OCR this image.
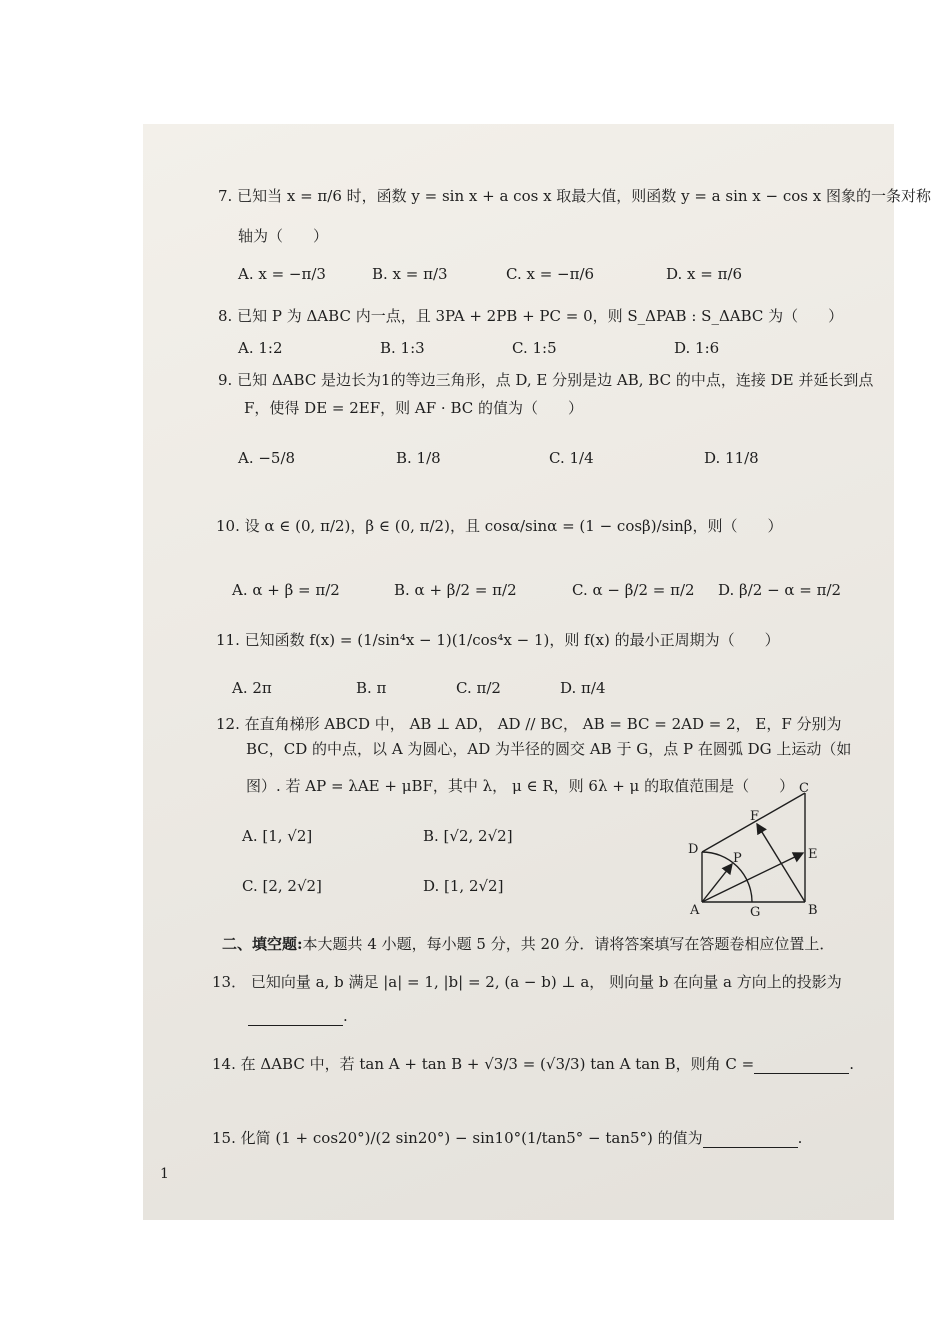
7. 已知当 x = π/6 时，函数 y = sin x + a cos x 取最大值，则函数 y = a sin x − cos x 图象的一条对称
轴为（　　）
A. x = −π/3	B. x = π/3	C. x = −π/6	D. x = π/6
8. 已知 P 为 ΔABC 内一点，且 3PA + 2PB + PC = 0，则 S_ΔPAB : S_ΔABC 为（　　）
A. 1:2	B. 1:3	C. 1:5	D. 1:6
9. 已知 ΔABC 是边长为1的等边三角形，点 D, E 分别是边 AB, BC 的中点，连接 DE 并延长到点
F，使得 DE = 2EF，则 AF · BC 的值为（　　）
A. −5/8	B. 1/8	C. 1/4	D. 11/8
10. 设 α ∈ (0, π/2)，β ∈ (0, π/2)，且 cosα/sinα = (1 − cosβ)/sinβ，则（　　）
A. α + β = π/2	B. α + β/2 = π/2	C. α − β/2 = π/2 D. β/2 − α = π/2
11. 已知函数 f(x) = (1/sin⁴x − 1)(1/cos⁴x − 1)，则 f(x) 的最小正周期为（　　）
A. 2π	B. π	C. π/2	D. π/4
12. 在直角梯形 ABCD 中， AB ⊥ AD， AD // BC， AB = BC = 2AD = 2， E，F 分别为
BC，CD 的中点，以 A 为圆心，AD 为半径的圆交 AB 于 G，点 P 在圆弧 DG 上运动（如
图）. 若 AP = λAE + μBF，其中 λ， μ ∈ R，则 6λ + μ 的取值范围是（　　）
A. [1, √2]	B. [√2, 2√2]
C. [2, 2√2]	D. [1, 2√2]
A	B
C
D	E
F
G
P
二、填空题:本大题共 4 小题，每小题 5 分，共 20 分．请将答案填写在答题卷相应位置上．
13． 已知向量 a, b 满足 |a| = 1, |b| = 2, (a − b) ⊥ a， 则向量 b 在向量 a 方向上的投影为
.
14. 在 ΔABC 中，若 tan A + tan B + √3/3 = (√3/3) tan A tan B，则角 C =	.
15. 化简 (1 + cos20°)/(2 sin20°) − sin10°(1/tan5° − tan5°) 的值为	.
1
